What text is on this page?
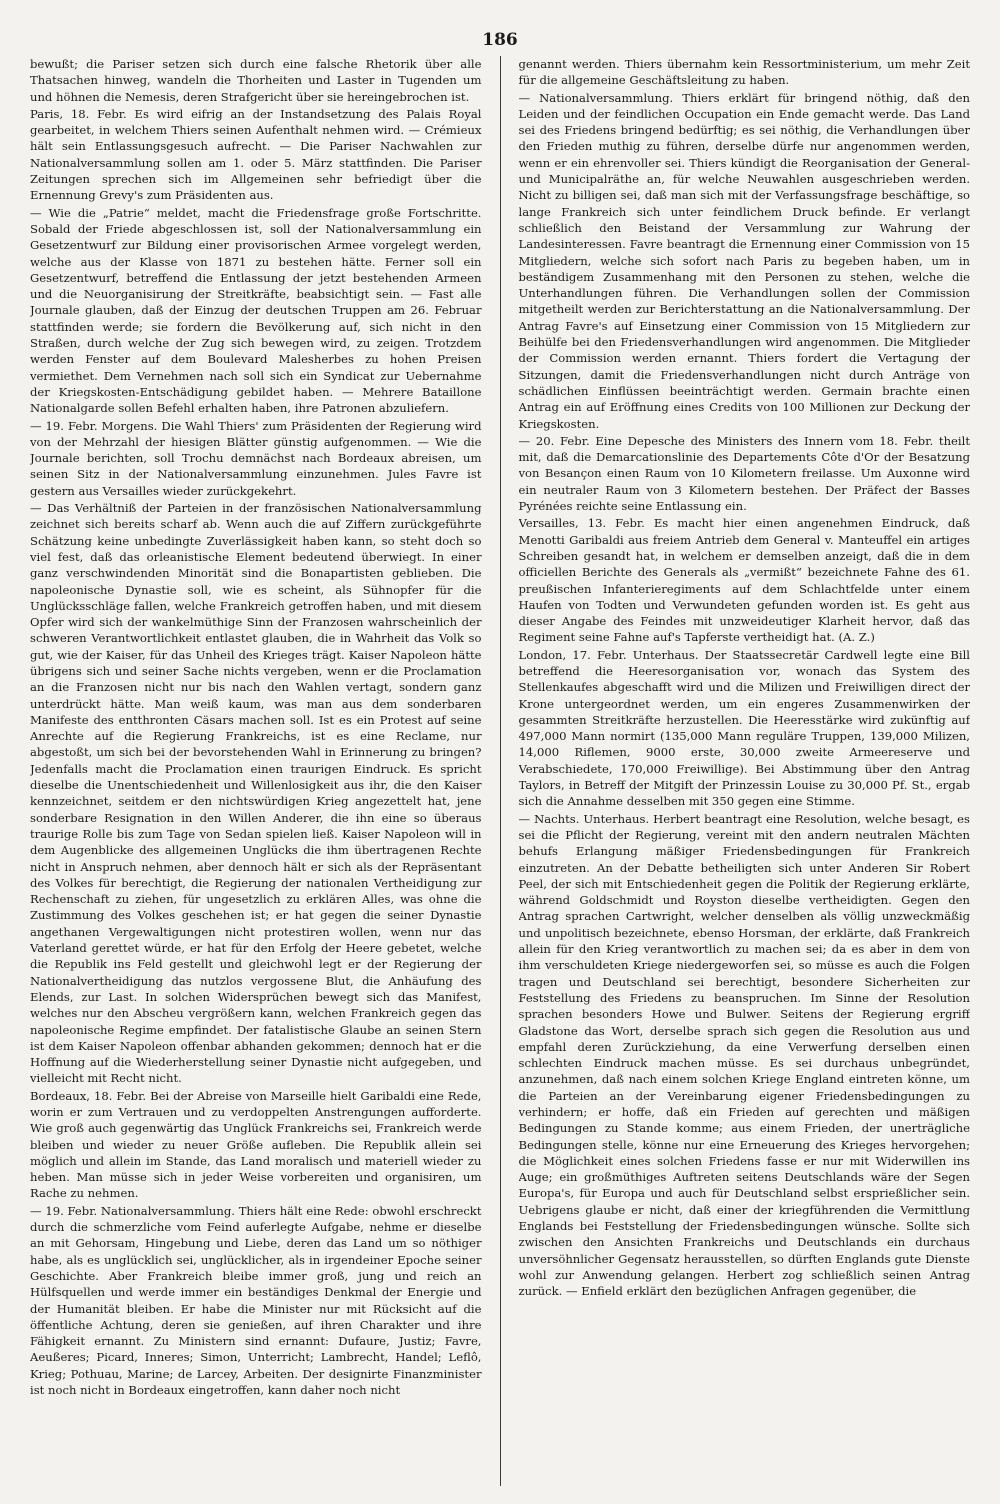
186

bewußt; die Pariser setzen sich durch eine falsche Rhetorik über alle Thatsachen hinweg, wandeln die Thorheiten und Laster in Tugenden um und höhnen die Nemesis, deren Strafgericht über sie hereingebrochen ist.

Paris, 18. Febr. Es wird eifrig an der Instandsetzung des Palais Royal gearbeitet, in welchem Thiers seinen Aufenthalt nehmen wird. — Crémieux hält sein Entlassungsgesuch aufrecht. — Die Pariser Nachwahlen zur Nationalversammlung sollen am 1. oder 5. März stattfinden. Die Pariser Zeitungen sprechen sich im Allgemeinen sehr befriedigt über die Ernennung Grevy's zum Präsidenten aus.

— Wie die „Patrie“ meldet, macht die Friedensfrage große Fortschritte. Sobald der Friede abgeschlossen ist, soll der Nationalversammlung ein Gesetzentwurf zur Bildung einer provisorischen Armee vorgelegt werden, welche aus der Klasse von 1871 zu bestehen hätte. Ferner soll ein Gesetzentwurf, betreffend die Entlassung der jetzt bestehenden Armeen und die Neuorganisirung der Streitkräfte, beabsichtigt sein. — Fast alle Journale glauben, daß der Einzug der deutschen Truppen am 26. Februar stattfinden werde; sie fordern die Bevölkerung auf, sich nicht in den Straßen, durch welche der Zug sich bewegen wird, zu zeigen. Trotzdem werden Fenster auf dem Boulevard Malesherbes zu hohen Preisen vermiethet. Dem Vernehmen nach soll sich ein Syndicat zur Uebernahme der Kriegskosten-Entschädigung gebildet haben. — Mehrere Bataillone Nationalgarde sollen Befehl erhalten haben, ihre Patronen abzuliefern.

— 19. Febr. Morgens. Die Wahl Thiers' zum Präsidenten der Regierung wird von der Mehrzahl der hiesigen Blätter günstig aufgenommen. — Wie die Journale berichten, soll Trochu demnächst nach Bordeaux abreisen, um seinen Sitz in der Nationalversammlung einzunehmen. Jules Favre ist gestern aus Versailles wieder zurückgekehrt.

— Das Verhältniß der Parteien in der französischen Nationalversammlung zeichnet sich bereits scharf ab. Wenn auch die auf Ziffern zurückgeführte Schätzung keine unbedingte Zuverlässigkeit haben kann, so steht doch so viel fest, daß das orleanistische Element bedeutend überwiegt. In einer ganz verschwindenden Minorität sind die Bonapartisten geblieben. Die napoleonische Dynastie soll, wie es scheint, als Sühnopfer für die Unglücksschläge fallen, welche Frankreich getroffen haben, und mit diesem Opfer wird sich der wankelmüthige Sinn der Franzosen wahrscheinlich der schweren Verantwortlichkeit entlastet glauben, die in Wahrheit das Volk so gut, wie der Kaiser, für das Unheil des Krieges trägt. Kaiser Napoleon hätte übrigens sich und seiner Sache nichts vergeben, wenn er die Proclamation an die Franzosen nicht nur bis nach den Wahlen vertagt, sondern ganz unterdrückt hätte. Man weiß kaum, was man aus dem sonderbaren Manifeste des entthronten Cäsars machen soll. Ist es ein Protest auf seine Anrechte auf die Regierung Frankreichs, ist es eine Reclame, nur abgestoßt, um sich bei der bevorstehenden Wahl in Erinnerung zu bringen? Jedenfalls macht die Proclamation einen traurigen Eindruck. Es spricht dieselbe die Unentschiedenheit und Willenlosigkeit aus ihr, die den Kaiser kennzeichnet, seitdem er den nichtswürdigen Krieg angezettelt hat, jene sonderbare Resignation in den Willen Anderer, die ihn eine so überaus traurige Rolle bis zum Tage von Sedan spielen ließ. Kaiser Napoleon will in dem Augenblicke des allgemeinen Unglücks die ihm übertragenen Rechte nicht in Anspruch nehmen, aber dennoch hält er sich als der Repräsentant des Volkes für berechtigt, die Regierung der nationalen Vertheidigung zur Rechenschaft zu ziehen, für ungesetzlich zu erklären Alles, was ohne die Zustimmung des Volkes geschehen ist; er hat gegen die seiner Dynastie angethanen Vergewaltigungen nicht protestiren wollen, wenn nur das Vaterland gerettet würde, er hat für den Erfolg der Heere gebetet, welche die Republik ins Feld gestellt und gleichwohl legt er der Regierung der Nationalvertheidigung das nutzlos vergossene Blut, die Anhäufung des Elends, zur Last. In solchen Widersprüchen bewegt sich das Manifest, welches nur den Abscheu vergrößern kann, welchen Frankreich gegen das napoleonische Regime empfindet. Der fatalistische Glaube an seinen Stern ist dem Kaiser Napoleon offenbar abhanden gekommen; dennoch hat er die Hoffnung auf die Wiederherstellung seiner Dynastie nicht aufgegeben, und vielleicht mit Recht nicht.

Bordeaux, 18. Febr. Bei der Abreise von Marseille hielt Garibaldi eine Rede, worin er zum Vertrauen und zu verdoppelten Anstrengungen aufforderte. Wie groß auch gegenwärtig das Unglück Frankreichs sei, Frankreich werde bleiben und wieder zu neuer Größe aufleben. Die Republik allein sei möglich und allein im Stande, das Land moralisch und materiell wieder zu heben. Man müsse sich in jeder Weise vorbereiten und organisiren, um Rache zu nehmen.

— 19. Febr. Nationalversammlung. Thiers hält eine Rede: obwohl erschreckt durch die schmerzliche vom Feind auferlegte Aufgabe, nehme er dieselbe an mit Gehorsam, Hingebung und Liebe, deren das Land um so nöthiger habe, als es unglücklich sei, unglücklicher, als in irgendeiner Epoche seiner Geschichte. Aber Frankreich bleibe immer groß, jung und reich an Hülfsquellen und werde immer ein beständiges Denkmal der Energie und der Humanität bleiben. Er habe die Minister nur mit Rücksicht auf die öffentliche Achtung, deren sie genießen, auf ihren Charakter und ihre Fähigkeit ernannt. Zu Ministern sind ernannt: Dufaure, Justiz; Favre, Aeußeres; Picard, Inneres; Simon, Unterricht; Lambrecht, Handel; Leflô, Krieg; Pothuau, Marine; de Larcey, Arbeiten. Der designirte Finanzminister ist noch nicht in Bordeaux eingetroffen, kann daher noch nicht

genannt werden. Thiers übernahm kein Ressortministerium, um mehr Zeit für die allgemeine Geschäftsleitung zu haben.

— Nationalversammlung. Thiers erklärt für bringend nöthig, daß den Leiden und der feindlichen Occupation ein Ende gemacht werde. Das Land sei des Friedens bringend bedürftig; es sei nöthig, die Verhandlungen über den Frieden muthig zu führen, derselbe dürfe nur angenommen werden, wenn er ein ehrenvoller sei. Thiers kündigt die Reorganisation der General- und Municipalräthe an, für welche Neuwahlen ausgeschrieben werden. Nicht zu billigen sei, daß man sich mit der Verfassungsfrage beschäftige, so lange Frankreich sich unter feindlichem Druck befinde. Er verlangt schließlich den Beistand der Versammlung zur Wahrung der Landesinteressen. Favre beantragt die Ernennung einer Commission von 15 Mitgliedern, welche sich sofort nach Paris zu begeben haben, um in beständigem Zusammenhang mit den Personen zu stehen, welche die Unterhandlungen führen. Die Verhandlungen sollen der Commission mitgetheilt werden zur Berichterstattung an die Nationalversammlung. Der Antrag Favre's auf Einsetzung einer Commission von 15 Mitgliedern zur Beihülfe bei den Friedensverhandlungen wird angenommen. Die Mitglieder der Commission werden ernannt. Thiers fordert die Vertagung der Sitzungen, damit die Friedensverhandlungen nicht durch Anträge von schädlichen Einflüssen beeinträchtigt werden. Germain brachte einen Antrag ein auf Eröffnung eines Credits von 100 Millionen zur Deckung der Kriegskosten.

— 20. Febr. Eine Depesche des Ministers des Innern vom 18. Febr. theilt mit, daß die Demarcationslinie des Departements Côte d'Or der Besatzung von Besançon einen Raum von 10 Kilometern freilasse. Um Auxonne wird ein neutraler Raum von 3 Kilometern bestehen. Der Präfect der Basses Pyrénées reichte seine Entlassung ein.

Versailles, 13. Febr. Es macht hier einen angenehmen Eindruck, daß Menotti Garibaldi aus freiem Antrieb dem General v. Manteuffel ein artiges Schreiben gesandt hat, in welchem er demselben anzeigt, daß die in dem officiellen Berichte des Generals als „vermißt“ bezeichnete Fahne des 61. preußischen Infanterieregiments auf dem Schlachtfelde unter einem Haufen von Todten und Verwundeten gefunden worden ist. Es geht aus dieser Angabe des Feindes mit unzweideutiger Klarheit hervor, daß das Regiment seine Fahne auf's Tapferste vertheidigt hat. (A. Z.)

London, 17. Febr. Unterhaus. Der Staatssecretär Cardwell legte eine Bill betreffend die Heeresorganisation vor, wonach das System des Stellenkaufes abgeschafft wird und die Milizen und Freiwilligen direct der Krone untergeordnet werden, um ein engeres Zusammenwirken der gesammten Streitkräfte herzustellen. Die Heeresstärke wird zukünftig auf 497,000 Mann normirt (135,000 Mann reguläre Truppen, 139,000 Milizen, 14,000 Riflemen, 9000 erste, 30,000 zweite Armeereserve und Verabschiedete, 170,000 Freiwillige). Bei Abstimmung über den Antrag Taylors, in Betreff der Mitgift der Prinzessin Louise zu 30,000 Pf. St., ergab sich die Annahme desselben mit 350 gegen eine Stimme.

— Nachts. Unterhaus. Herbert beantragt eine Resolution, welche besagt, es sei die Pflicht der Regierung, vereint mit den andern neutralen Mächten behufs Erlangung mäßiger Friedensbedingungen für Frankreich einzutreten. An der Debatte betheiligten sich unter Anderen Sir Robert Peel, der sich mit Entschiedenheit gegen die Politik der Regierung erklärte, während Goldschmidt und Royston dieselbe vertheidigten. Gegen den Antrag sprachen Cartwright, welcher denselben als völlig unzweckmäßig und unpolitisch bezeichnete, ebenso Horsman, der erklärte, daß Frankreich allein für den Krieg verantwortlich zu machen sei; da es aber in dem von ihm verschuldeten Kriege niedergeworfen sei, so müsse es auch die Folgen tragen und Deutschland sei berechtigt, besondere Sicherheiten zur Feststellung des Friedens zu beanspruchen. Im Sinne der Resolution sprachen besonders Howe und Bulwer. Seitens der Regierung ergriff Gladstone das Wort, derselbe sprach sich gegen die Resolution aus und empfahl deren Zurückziehung, da eine Verwerfung derselben einen schlechten Eindruck machen müsse. Es sei durchaus unbegründet, anzunehmen, daß nach einem solchen Kriege England eintreten könne, um die Parteien an der Vereinbarung eigener Friedensbedingungen zu verhindern; er hoffe, daß ein Frieden auf gerechten und mäßigen Bedingungen zu Stande komme; aus einem Frieden, der unerträgliche Bedingungen stelle, könne nur eine Erneuerung des Krieges hervorgehen; die Möglichkeit eines solchen Friedens fasse er nur mit Widerwillen ins Auge; ein großmüthiges Auftreten seitens Deutschlands wäre der Segen Europa's, für Europa und auch für Deutschland selbst ersprießlicher sein. Uebrigens glaube er nicht, daß einer der kriegführenden die Vermittlung Englands bei Feststellung der Friedensbedingungen wünsche. Sollte sich zwischen den Ansichten Frankreichs und Deutschlands ein durchaus unversöhnlicher Gegensatz herausstellen, so dürften Englands gute Dienste wohl zur Anwendung gelangen. Herbert zog schließlich seinen Antrag zurück. — Enfield erklärt den bezüglichen Anfragen gegenüber, die
